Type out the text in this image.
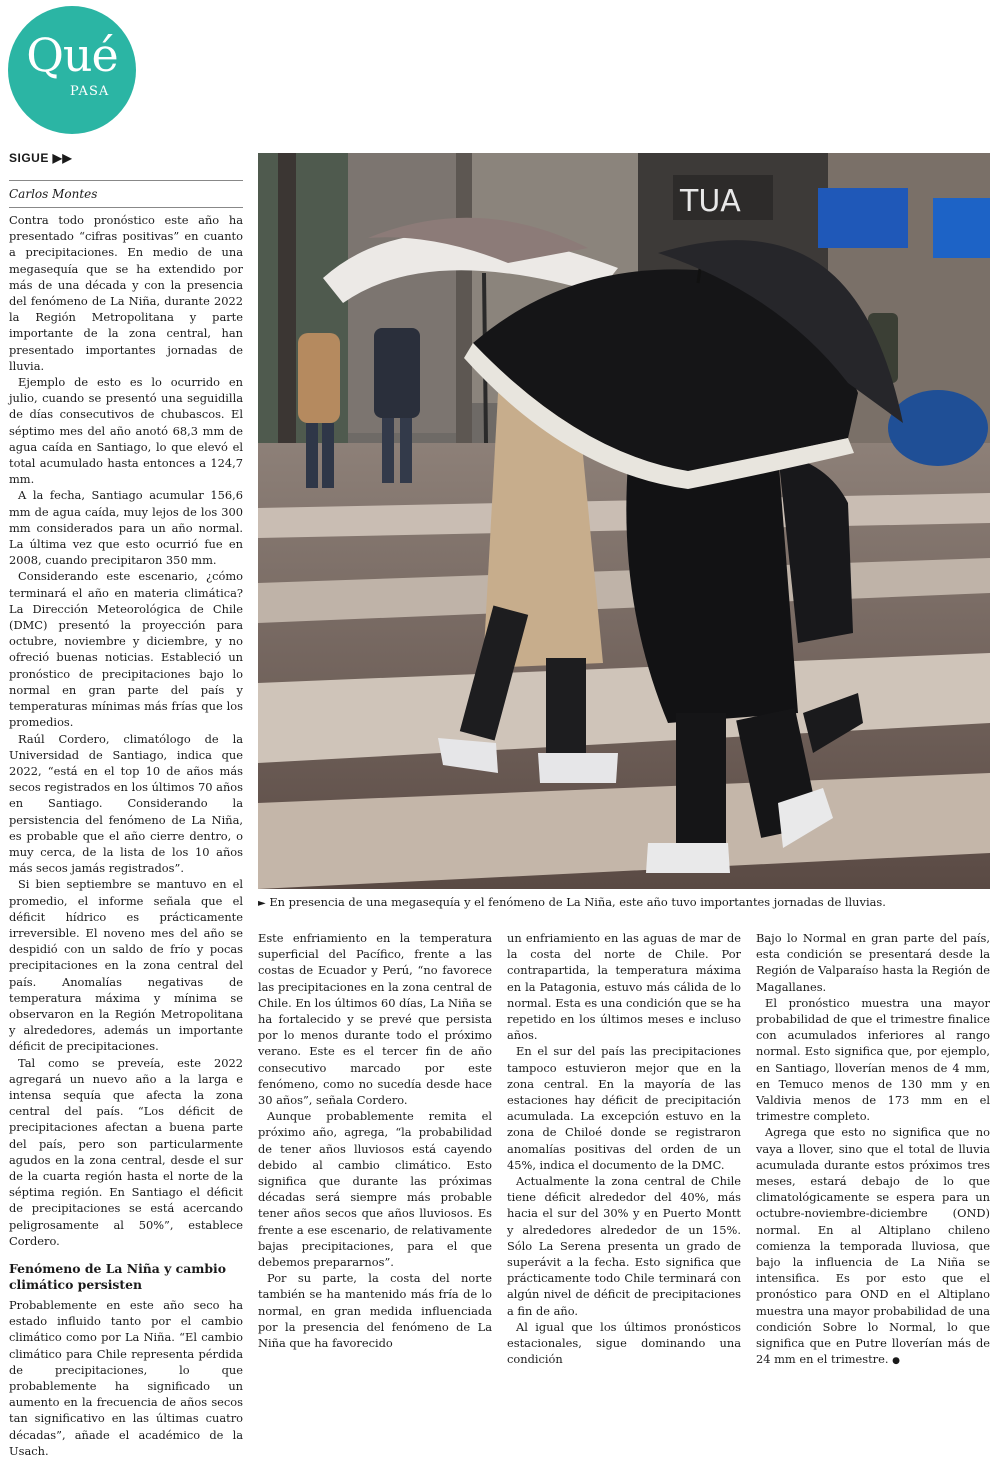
Qué
PASA
SIGUE ▶▶
Carlos Montes

Contra todo pronóstico este año ha presentado “cifras positivas” en cuanto a precipitaciones. En medio de una megasequía que se ha extendido por más de una década y con la presencia del fenómeno de La Niña, durante 2022 la Región Metropolitana y parte importante de la zona central, han presentado importantes jornadas de lluvia.

Ejemplo de esto es lo ocurrido en julio, cuando se presentó una seguidilla de días consecutivos de chubascos. El séptimo mes del año anotó 68,3 mm de agua caída en Santiago, lo que elevó el total acumulado hasta entonces a 124,7 mm.

A la fecha, Santiago acumular 156,6 mm de agua caída, muy lejos de los 300 mm considerados para un año normal. La última vez que esto ocurrió fue en 2008, cuando precipitaron 350 mm.

Considerando este escenario, ¿cómo terminará el año en materia climática? La Dirección Meteorológica de Chile (DMC) presentó la proyección para octubre, noviembre y diciembre, y no ofreció buenas noticias. Estableció un pronóstico de precipitaciones bajo lo normal en gran parte del país y temperaturas mínimas más frías que los promedios.

Raúl Cordero, climatólogo de la Universidad de Santiago, indica que 2022, “está en el top 10 de años más secos registrados en los últimos 70 años en Santiago. Considerando la persistencia del fenómeno de La Niña, es probable que el año cierre dentro, o muy cerca, de la lista de los 10 años más secos jamás registrados”.

Si bien septiembre se mantuvo en el promedio, el informe señala que el déficit hídrico es prácticamente irreversible. El noveno mes del año se despidió con un saldo de frío y pocas precipitaciones en la zona central del país. Anomalías negativas de temperatura máxima y mínima se observaron en la Región Metropolitana y alrededores, además un importante déficit de precipitaciones.

Tal como se preveía, este 2022 agregará un nuevo año a la larga e intensa sequía que afecta la zona central del país. “Los déficit de precipitaciones afectan a buena parte del país, pero son particularmente agudos en la zona central, desde el sur de la cuarta región hasta el norte de la séptima región. En Santiago el déficit de precipitaciones se está acercando peligrosamente al 50%”, establece Cordero.

Fenómeno de La Niña y cambio climático persisten

Probablemente en este año seco ha estado influido tanto por el cambio climático como por La Niña. “El cambio climático para Chile representa pérdida de precipitaciones, lo que probablemente ha significado un aumento en la frecuencia de años secos tan significativo en las últimas cuatro décadas”, añade el académico de la Usach.

TUA
► En presencia de una megasequía y el fenómeno de La Niña, este año tuvo importantes jornadas de lluvias.

Este enfriamiento en la temperatura superficial del Pacífico, frente a las costas de Ecuador y Perú, “no favorece las precipitaciones en la zona central de Chile. En los últimos 60 días, La Niña se ha fortalecido y se prevé que persista por lo menos durante todo el próximo verano. Este es el tercer fin de año consecutivo marcado por este fenómeno, como no sucedía desde hace 30 años”, señala Cordero.

Aunque probablemente remita el próximo año, agrega, “la probabilidad de tener años lluviosos está cayendo debido al cambio climático. Esto significa que durante las próximas décadas será siempre más probable tener años secos que años lluviosos. Es frente a ese escenario, de relativamente bajas precipitaciones, para el que debemos prepararnos”.

Por su parte, la costa del norte también se ha mantenido más fría de lo normal, en gran medida influenciada por la presencia del fenómeno de La Niña que ha favorecido

un enfriamiento en las aguas de mar de la costa del norte de Chile. Por contrapartida, la temperatura máxima en la Patagonia, estuvo más cálida de lo normal. Esta es una condición que se ha repetido en los últimos meses e incluso años.

En el sur del país las precipitaciones tampoco estuvieron mejor que en la zona central. En la mayoría de las estaciones hay déficit de precipitación acumulada. La excepción estuvo en la zona de Chiloé donde se registraron anomalías positivas del orden de un 45%, indica el documento de la DMC.

Actualmente la zona central de Chile tiene déficit alrededor del 40%, más hacia el sur del 30% y en Puerto Montt y alrededores alrededor de un 15%. Sólo La Serena presenta un grado de superávit a la fecha. Esto significa que prácticamente todo Chile terminará con algún nivel de déficit de precipitaciones a fin de año.

Al igual que los últimos pronósticos estacionales, sigue dominando una condición

Bajo lo Normal en gran parte del país, esta condición se presentará desde la Región de Valparaíso hasta la Región de Magallanes.

El pronóstico muestra una mayor probabilidad de que el trimestre finalice con acumulados inferiores al rango normal. Esto significa que, por ejemplo, en Santiago, lloverían menos de 4 mm, en Temuco menos de 130 mm y en Valdivia menos de 173 mm en el trimestre completo.

Agrega que esto no significa que no vaya a llover, sino que el total de lluvia acumulada durante estos próximos tres meses, estará debajo de lo que climatológicamente se espera para un octubre-noviembre-diciembre (OND) normal. En al Altiplano chileno comienza la temporada lluviosa, que bajo la influencia de La Niña se intensifica. Es por esto que el pronóstico para OND en el Altiplano muestra una mayor probabilidad de una condición Sobre lo Normal, lo que significa que en Putre lloverían más de 24 mm en el trimestre. ●
